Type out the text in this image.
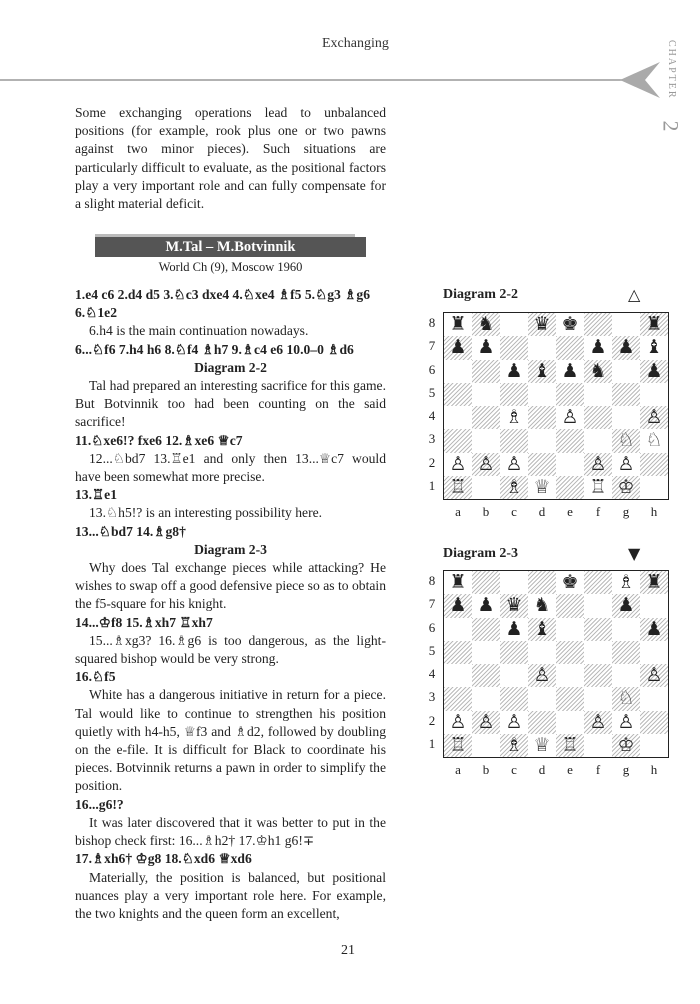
Exchanging	CHAPTER
2
Some exchanging operations lead to unbalanced positions (for example, rook plus one or two pawns against two minor pieces). Such situations are particularly difficult to evaluate, as the positional factors play a very important role and can fully compensate for a slight material deficit.
M.Tal – M.Botvinnik
World Ch (9), Moscow 1960

1.e4 c6 2.d4 d5 3.♘c3 dxe4 4.♘xe4 ♗f5 5.♘g3 ♗g6 6.♘1e2

6.h4 is the main continuation nowadays.

6...♘f6 7.h4 h6 8.♘f4 ♗h7 9.♗c4 e6 10.0–0 ♗d6

Diagram 2-2

Tal had prepared an interesting sacrifice for this game. But Botvinnik too had been counting on the said sacrifice!

11.♘xe6!? fxe6 12.♗xe6 ♕c7

12...♘bd7 13.♖e1 and only then 13...♕c7 would have been somewhat more precise.

13.♖e1

13.♘h5!? is an interesting possibility here.

13...♘bd7 14.♗g8†

Diagram 2-3

Why does Tal exchange pieces while attacking? He wishes to swap off a good defensive piece so as to obtain the f5-square for his knight.

14...♔f8 15.♗xh7 ♖xh7

15...♗xg3? 16.♗g6 is too dangerous, as the light-squared bishop would be very strong.

16.♘f5

White has a dangerous initiative in return for a piece. Tal would like to continue to strengthen his position quietly with h4-h5, ♕f3 and ♗d2, followed by doubling on the e-file. It is difficult for Black to coordinate his pieces. Botvinnik returns a pawn in order to simplify the position.

16...g6!?

It was later discovered that it was better to put in the bishop check first: 16...♗h2† 17.♔h1 g6!∓

17.♗xh6† ♔g8 18.♘xd6 ♕xd6

Materially, the position is balanced, but positional nuances play a very important role here. For example, the two knights and the queen form an excellent,

Diagram 2-2	△
♜ ♞ ♛ ♚	♜
♟ ♟	♟ ♟ ♝
♟ ♝ ♟ ♞ ♟
♗ ♙	♙
♘ ♘
♙ ♙ ♙	♙ ♙
♖ ♗ ♕ ♖ ♔
8
7
6
5
4
3
2
1
a	b	c	d	e	f	g	h
Diagram 2-3	▼
♜	♚ ♗ ♜
♟ ♟ ♛ ♞	♟
♟ ♝	♟
♙	♙
♘
♙ ♙ ♙	♙ ♙
♖ ♗ ♕ ♖ ♔
8
7
6
5
4
3
2
1
a	b	c	d	e	f	g	h
21
